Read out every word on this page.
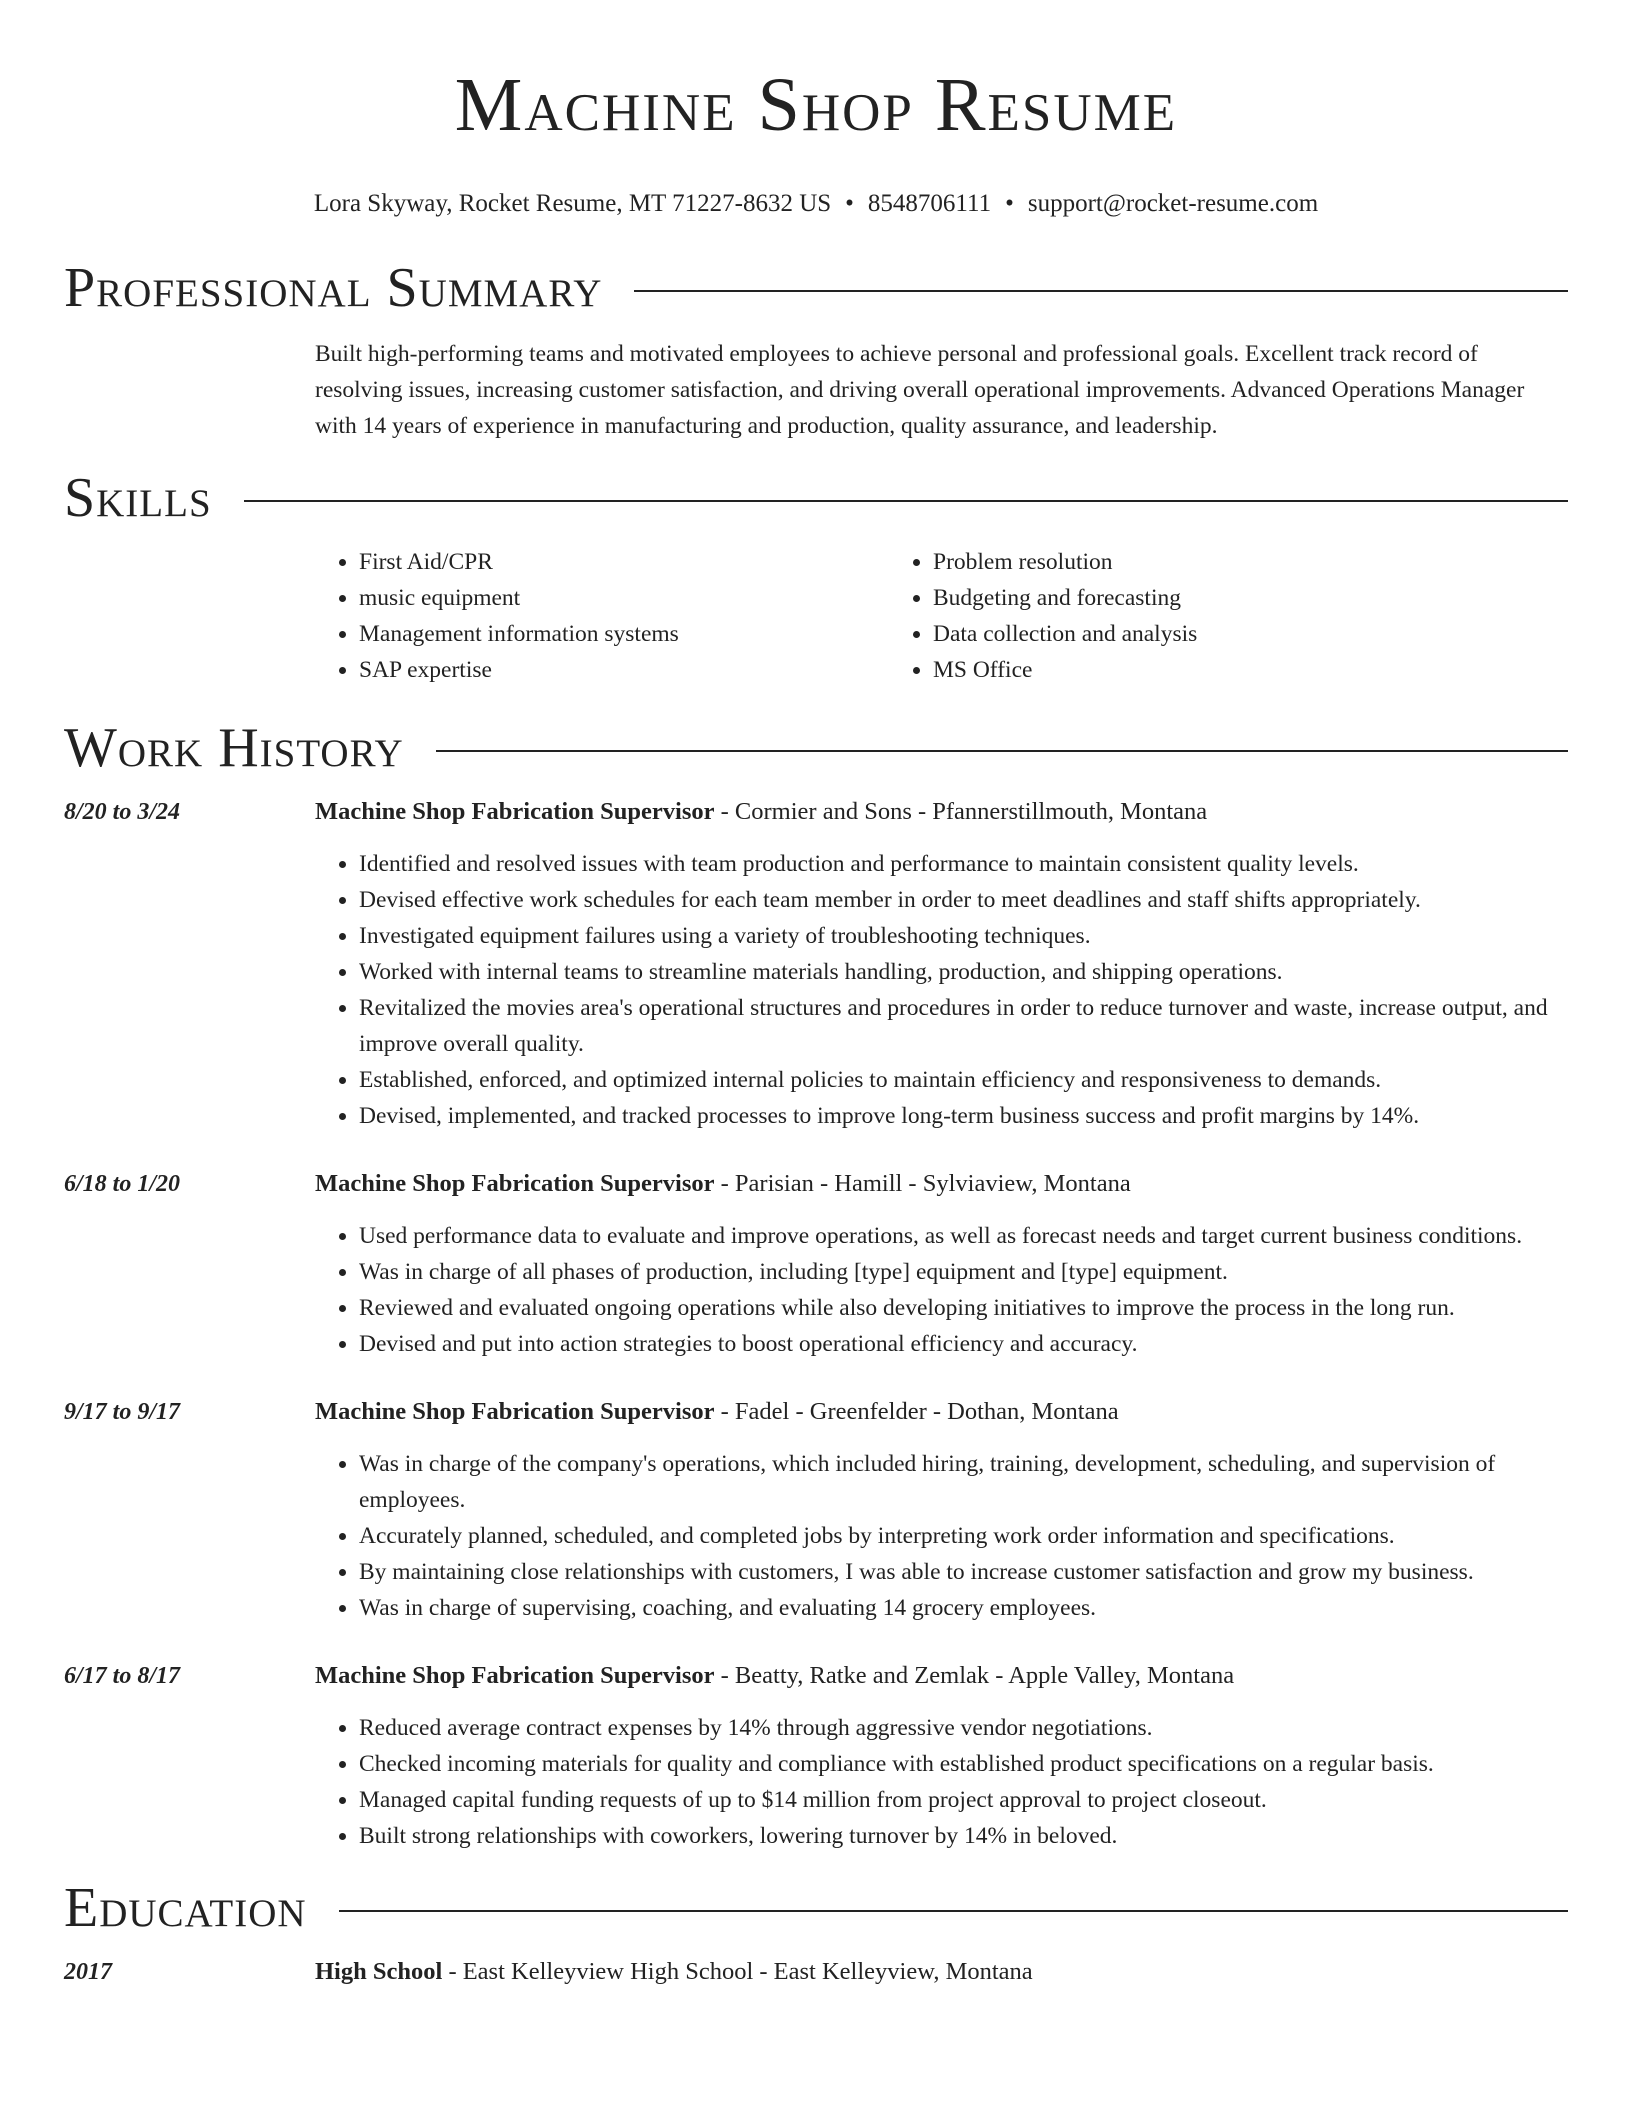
Machine Shop Resume
Lora Skyway, Rocket Resume, MT 71227-8632 US • 8548706111 • support@rocket-resume.com
Professional Summary
Built high-performing teams and motivated employees to achieve personal and professional goals. Excellent track record of resolving issues, increasing customer satisfaction, and driving overall operational improvements. Advanced Operations Manager with 14 years of experience in manufacturing and production, quality assurance, and leadership.
Skills
• First Aid/CPR
• music equipment
• Management information systems
• SAP expertise
• Problem resolution
• Budgeting and forecasting
• Data collection and analysis
• MS Office
Work History
8/20 to 3/24	Machine Shop Fabrication Supervisor - Cormier and Sons - Pfannerstillmouth, Montana
• Identified and resolved issues with team production and performance to maintain consistent quality levels.
• Devised effective work schedules for each team member in order to meet deadlines and staff shifts appropriately.
• Investigated equipment failures using a variety of troubleshooting techniques.
• Worked with internal teams to streamline materials handling, production, and shipping operations.
• Revitalized the movies area's operational structures and procedures in order to reduce turnover and waste, increase output, and improve overall quality.
• Established, enforced, and optimized internal policies to maintain efficiency and responsiveness to demands.
• Devised, implemented, and tracked processes to improve long-term business success and profit margins by 14%.
6/18 to 1/20	Machine Shop Fabrication Supervisor - Parisian - Hamill - Sylviaview, Montana
• Used performance data to evaluate and improve operations, as well as forecast needs and target current business conditions.
• Was in charge of all phases of production, including [type] equipment and [type] equipment.
• Reviewed and evaluated ongoing operations while also developing initiatives to improve the process in the long run.
• Devised and put into action strategies to boost operational efficiency and accuracy.
9/17 to 9/17	Machine Shop Fabrication Supervisor - Fadel - Greenfelder - Dothan, Montana
• Was in charge of the company's operations, which included hiring, training, development, scheduling, and supervision of employees.
• Accurately planned, scheduled, and completed jobs by interpreting work order information and specifications.
• By maintaining close relationships with customers, I was able to increase customer satisfaction and grow my business.
• Was in charge of supervising, coaching, and evaluating 14 grocery employees.
6/17 to 8/17	Machine Shop Fabrication Supervisor - Beatty, Ratke and Zemlak - Apple Valley, Montana
• Reduced average contract expenses by 14% through aggressive vendor negotiations.
• Checked incoming materials for quality and compliance with established product specifications on a regular basis.
• Managed capital funding requests of up to $14 million from project approval to project closeout.
• Built strong relationships with coworkers, lowering turnover by 14% in beloved.
Education
2017	High School - East Kelleyview High School - East Kelleyview, Montana
